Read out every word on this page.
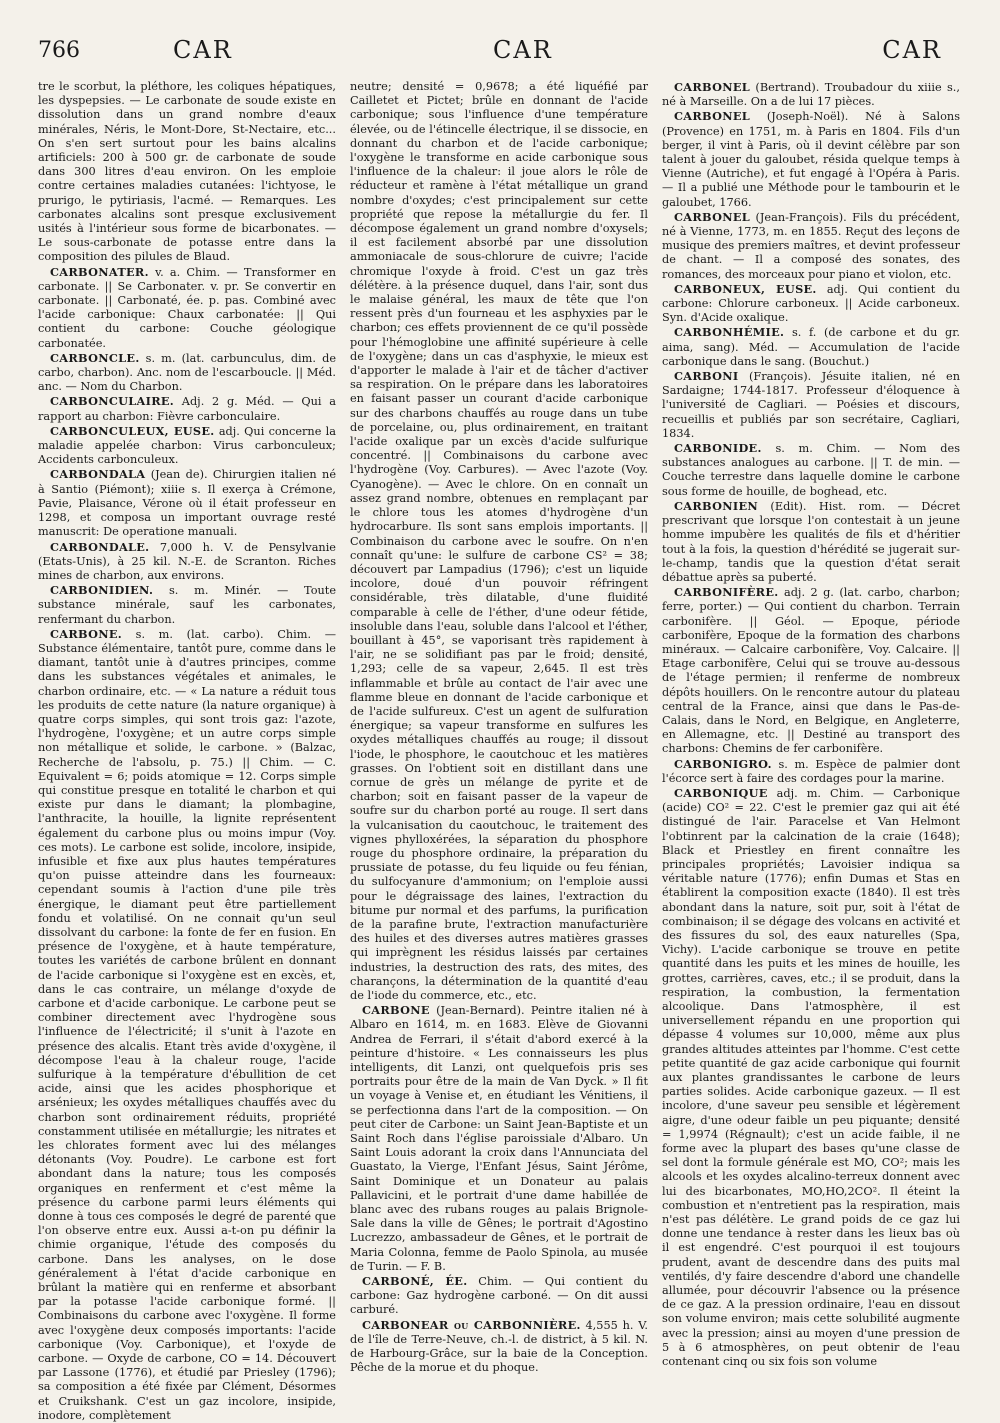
766	CAR	CAR	CAR

tre le scorbut, la pléthore, les coliques hépatiques, les dyspepsies. — Le carbonate de soude existe en dissolution dans un grand nombre d'eaux minérales, Néris, le Mont-Dore, St-Nectaire, etc... On s'en sert surtout pour les bains alcalins artificiels: 200 à 500 gr. de carbonate de soude dans 300 litres d'eau environ. On les emploie contre certaines maladies cutanées: l'ichtyose, le prurigo, le pytiriasis, l'acmé. — Remarques. Les carbonates alcalins sont presque exclusivement usités à l'intérieur sous forme de bicarbonates. — Le sous-carbonate de potasse entre dans la composition des pilules de Blaud.

CARBONATER. v. a. Chim. — Transformer en carbonate. || Se Carbonater. v. pr. Se convertir en carbonate. || Carbonaté, ée. p. pas. Combiné avec l'acide carbonique: Chaux carbonatée: || Qui contient du carbone: Couche géologique carbonatée.

CARBONCLE. s. m. (lat. carbunculus, dim. de carbo, charbon). Anc. nom de l'escarboucle. || Méd. anc. — Nom du Charbon.

CARBONCULAIRE. Adj. 2 g. Méd. — Qui a rapport au charbon: Fièvre carbonculaire.

CARBONCULEUX, EUSE. adj. Qui concerne la maladie appelée charbon: Virus carbonculeux; Accidents carbonculeux.

CARBONDALA (Jean de). Chirurgien italien né à Santio (Piémont); xiiie s. Il exerça à Crémone, Pavie, Plaisance, Vérone où il était professeur en 1298, et composa un important ouvrage resté manuscrit: De operatione manuali.

CARBONDALE. 7,000 h. V. de Pensylvanie (Etats-Unis), à 25 kil. N.-E. de Scranton. Riches mines de charbon, aux environs.

CARBONIDIEN. s. m. Minér. — Toute substance minérale, sauf les carbonates, renfermant du charbon.

CARBONE. s. m. (lat. carbo). Chim. — Substance élémentaire, tantôt pure, comme dans le diamant, tantôt unie à d'autres principes, comme dans les substances végétales et animales, le charbon ordinaire, etc. — « La nature a réduit tous les produits de cette nature (la nature organique) à quatre corps simples, qui sont trois gaz: l'azote, l'hydrogène, l'oxygène; et un autre corps simple non métallique et solide, le carbone. » (Balzac, Recherche de l'absolu, p. 75.) || Chim. — C. Equivalent = 6; poids atomique = 12. Corps simple qui constitue presque en totalité le charbon et qui existe pur dans le diamant; la plombagine, l'anthracite, la houille, la lignite représentent également du carbone plus ou moins impur (Voy. ces mots). Le carbone est solide, incolore, insipide, infusible et fixe aux plus hautes températures qu'on puisse atteindre dans les fourneaux: cependant soumis à l'action d'une pile très énergique, le diamant peut être partiellement fondu et volatilisé. On ne connait qu'un seul dissolvant du carbone: la fonte de fer en fusion. En présence de l'oxygène, et à haute température, toutes les variétés de carbone brûlent en donnant de l'acide carbonique si l'oxygène est en excès, et, dans le cas contraire, un mélange d'oxyde de carbone et d'acide carbonique. Le carbone peut se combiner directement avec l'hydrogène sous l'influence de l'électricité; il s'unit à l'azote en présence des alcalis. Etant très avide d'oxygène, il décompose l'eau à la chaleur rouge, l'acide sulfurique à la température d'ébullition de cet acide, ainsi que les acides phosphorique et arsénieux; les oxydes métalliques chauffés avec du charbon sont ordinairement réduits, propriété constamment utilisée en métallurgie; les nitrates et les chlorates forment avec lui des mélanges détonants (Voy. Poudre). Le carbone est fort abondant dans la nature; tous les composés organiques en renferment et c'est même la présence du carbone parmi leurs éléments qui donne à tous ces composés le degré de parenté que l'on observe entre eux. Aussi a-t-on pu définir la chimie organique, l'étude des composés du carbone. Dans les analyses, on le dose généralement à l'état d'acide carbonique en brûlant la matière qui en renferme et absorbant par la potasse l'acide carbonique formé. || Combinaisons du carbone avec l'oxygène. Il forme avec l'oxygène deux composés importants: l'acide carbonique (Voy. Carbonique), et l'oxyde de carbone. — Oxyde de carbone, CO = 14. Découvert par Lassone (1776), et étudié par Priesley (1796); sa composition a été fixée par Clément, Désormes et Cruikshank. C'est un gaz incolore, insipide, inodore, complètement

neutre; densité = 0,9678; a été liquéfié par Cailletet et Pictet; brûle en donnant de l'acide carbonique; sous l'influence d'une température élevée, ou de l'étincelle électrique, il se dissocie, en donnant du charbon et de l'acide carbonique; l'oxygène le transforme en acide carbonique sous l'influence de la chaleur: il joue alors le rôle de réducteur et ramène à l'état métallique un grand nombre d'oxydes; c'est principalement sur cette propriété que repose la métallurgie du fer. Il décompose également un grand nombre d'oxysels; il est facilement absorbé par une dissolution ammoniacale de sous-chlorure de cuivre; l'acide chromique l'oxyde à froid. C'est un gaz très délétère. à la présence duquel, dans l'air, sont dus le malaise général, les maux de tête que l'on ressent près d'un fourneau et les asphyxies par le charbon; ces effets proviennent de ce qu'il possède pour l'hémoglobine une affinité supérieure à celle de l'oxygène; dans un cas d'asphyxie, le mieux est d'apporter le malade à l'air et de tâcher d'activer sa respiration. On le prépare dans les laboratoires en faisant passer un courant d'acide carbonique sur des charbons chauffés au rouge dans un tube de porcelaine, ou, plus ordinairement, en traitant l'acide oxalique par un excès d'acide sulfurique concentré. || Combinaisons du carbone avec l'hydrogène (Voy. Carbures). — Avec l'azote (Voy. Cyanogène). — Avec le chlore. On en connaît un assez grand nombre, obtenues en remplaçant par le chlore tous les atomes d'hydrogène d'un hydrocarbure. Ils sont sans emplois importants. || Combinaison du carbone avec le soufre. On n'en connaît qu'une: le sulfure de carbone CS² = 38; découvert par Lampadius (1796); c'est un liquide incolore, doué d'un pouvoir réfringent considérable, très dilatable, d'une fluidité comparable à celle de l'éther, d'une odeur fétide, insoluble dans l'eau, soluble dans l'alcool et l'éther, bouillant à 45°, se vaporisant très rapidement à l'air, ne se solidifiant pas par le froid; densité, 1,293; celle de sa vapeur, 2,645. Il est très inflammable et brûle au contact de l'air avec une flamme bleue en donnant de l'acide carbonique et de l'acide sulfureux. C'est un agent de sulfuration énergique; sa vapeur transforme en sulfures les oxydes métalliques chauffés au rouge; il dissout l'iode, le phosphore, le caoutchouc et les matières grasses. On l'obtient soit en distillant dans une cornue de grès un mélange de pyrite et de charbon; soit en faisant passer de la vapeur de soufre sur du charbon porté au rouge. Il sert dans la vulcanisation du caoutchouc, le traitement des vignes phylloxérées, la séparation du phosphore rouge du phosphore ordinaire, la préparation du prussiate de potasse, du feu liquide ou feu fénian, du sulfocyanure d'ammonium; on l'emploie aussi pour le dégraissage des laines, l'extraction du bitume pur normal et des parfums, la purification de la parafine brute, l'extraction manufacturière des huiles et des diverses autres matières grasses qui imprègnent les résidus laissés par certaines industries, la destruction des rats, des mites, des charançons, la détermination de la quantité d'eau de l'iode du commerce, etc., etc.

CARBONE (Jean-Bernard). Peintre italien né à Albaro en 1614, m. en 1683. Elève de Giovanni Andrea de Ferrari, il s'était d'abord exercé à la peinture d'histoire. « Les connaisseurs les plus intelligents, dit Lanzi, ont quelquefois pris ses portraits pour être de la main de Van Dyck. » Il fit un voyage à Venise et, en étudiant les Vénitiens, il se perfectionna dans l'art de la composition. — On peut citer de Carbone: un Saint Jean-Baptiste et un Saint Roch dans l'église paroissiale d'Albaro. Un Saint Louis adorant la croix dans l'Annunciata del Guastato, la Vierge, l'Enfant Jésus, Saint Jérôme, Saint Dominique et un Donateur au palais Pallavicini, et le portrait d'une dame habillée de blanc avec des rubans rouges au palais Brignole-Sale dans la ville de Gênes; le portrait d'Agostino Lucrezzo, ambassadeur de Gênes, et le portrait de Maria Colonna, femme de Paolo Spinola, au musée de Turin. — F. B.

CARBONÉ, ÉE. Chim. — Qui contient du carbone: Gaz hydrogène carboné. — On dit aussi carburé.

CARBONEAR ou CARBONNIÈRE. 4,555 h. V. de l'île de Terre-Neuve, ch.-l. de district, à 5 kil. N. de Harbourg-Grâce, sur la baie de la Conception. Pêche de la morue et du phoque.

CARBONEL (Bertrand). Troubadour du xiiie s., né à Marseille. On a de lui 17 pièces.

CARBONEL (Joseph-Noël). Né à Salons (Provence) en 1751, m. à Paris en 1804. Fils d'un berger, il vint à Paris, où il devint célèbre par son talent à jouer du galoubet, résida quelque temps à Vienne (Autriche), et fut engagé à l'Opéra à Paris. — Il a publié une Méthode pour le tambourin et le galoubet, 1766.

CARBONEL (Jean-François). Fils du précédent, né à Vienne, 1773, m. en 1855. Reçut des leçons de musique des premiers maîtres, et devint professeur de chant. — Il a composé des sonates, des romances, des morceaux pour piano et violon, etc.

CARBONEUX, EUSE. adj. Qui contient du carbone: Chlorure carboneux. || Acide carboneux. Syn. d'Acide oxalique.

CARBONHÉMIE. s. f. (de carbone et du gr. aima, sang). Méd. — Accumulation de l'acide carbonique dans le sang. (Bouchut.)

CARBONI (François). Jésuite italien, né en Sardaigne; 1744-1817. Professeur d'éloquence à l'université de Cagliari. — Poésies et discours, recueillis et publiés par son secrétaire, Cagliari, 1834.

CARBONIDE. s. m. Chim. — Nom des substances analogues au carbone. || T. de min. — Couche terrestre dans laquelle domine le carbone sous forme de houille, de boghead, etc.

CARBONIEN (Edit). Hist. rom. — Décret prescrivant que lorsque l'on contestait à un jeune homme impubère les qualités de fils et d'héritier tout à la fois, la question d'hérédité se jugerait sur-le-champ, tandis que la question d'état serait débattue après sa puberté.

CARBONIFÈRE. adj. 2 g. (lat. carbo, charbon; ferre, porter.) — Qui contient du charbon. Terrain carbonifère. || Géol. — Epoque, période carbonifère, Epoque de la formation des charbons minéraux. — Calcaire carbonifère, Voy. Calcaire. || Etage carbonifère, Celui qui se trouve au-dessous de l'étage permien; il renferme de nombreux dépôts houillers. On le rencontre autour du plateau central de la France, ainsi que dans le Pas-de-Calais, dans le Nord, en Belgique, en Angleterre, en Allemagne, etc. || Destiné au transport des charbons: Chemins de fer carbonifère.

CARBONIGRO. s. m. Espèce de palmier dont l'écorce sert à faire des cordages pour la marine.

CARBONIQUE adj. m. Chim. — Carbonique (acide) CO² = 22. C'est le premier gaz qui ait été distingué de l'air. Paracelse et Van Helmont l'obtinrent par la calcination de la craie (1648); Black et Priestley en firent connaître les principales propriétés; Lavoisier indiqua sa véritable nature (1776); enfin Dumas et Stas en établirent la composition exacte (1840). Il est très abondant dans la nature, soit pur, soit à l'état de combinaison; il se dégage des volcans en activité et des fissures du sol, des eaux naturelles (Spa, Vichy). L'acide carbonique se trouve en petite quantité dans les puits et les mines de houille, les grottes, carrières, caves, etc.; il se produit, dans la respiration, la combustion, la fermentation alcoolique. Dans l'atmosphère, il est universellement répandu en une proportion qui dépasse 4 volumes sur 10,000, même aux plus grandes altitudes atteintes par l'homme. C'est cette petite quantité de gaz acide carbonique qui fournit aux plantes grandissantes le carbone de leurs parties solides. Acide carbonique gazeux. — Il est incolore, d'une saveur peu sensible et légèrement aigre, d'une odeur faible un peu piquante; densité = 1,9974 (Régnault); c'est un acide faible, il ne forme avec la plupart des bases qu'une classe de sel dont la formule générale est MO, CO²; mais les alcools et les oxydes alcalino-terreux donnent avec lui des bicarbonates, MO,HO,2CO². Il éteint la combustion et n'entretient pas la respiration, mais n'est pas délétère. Le grand poids de ce gaz lui donne une tendance à rester dans les lieux bas où il est engendré. C'est pourquoi il est toujours prudent, avant de descendre dans des puits mal ventilés, d'y faire descendre d'abord une chandelle allumée, pour découvrir l'absence ou la présence de ce gaz. A la pression ordinaire, l'eau en dissout son volume environ; mais cette solubilité augmente avec la pression; ainsi au moyen d'une pression de 5 à 6 atmosphères, on peut obtenir de l'eau contenant cinq ou six fois son volume
